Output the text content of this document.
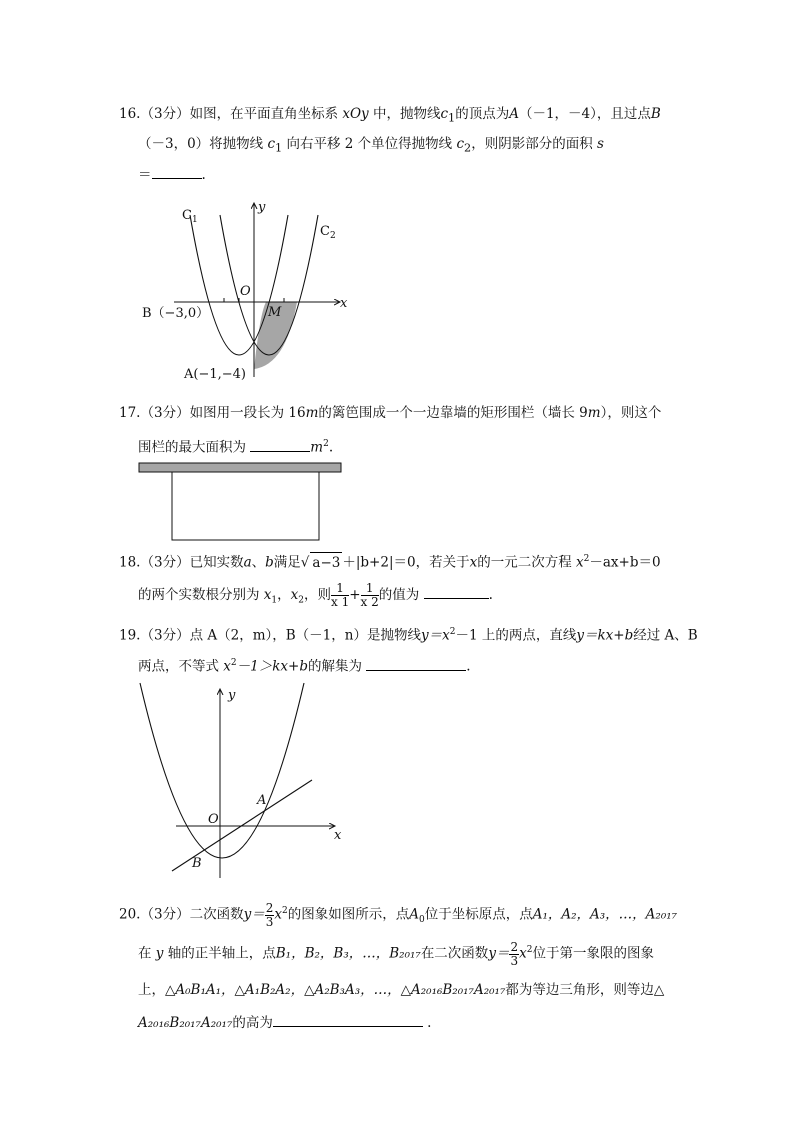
16.（3分）如图，在平面直角坐标系 xOy 中，抛物线$c_1$的顶点为A（－1，－4），且过点B
（－3，0）将抛物线 $c_1$ 向右平移 2 个单位得抛物线 $c_2$，则阴影部分的面积 s
＝	.
$C_1$
$C_2$
y
x
O
M
B（−3,0）
A(−1,−4)
17.（3分）如图用一段长为 16m的篱笆围成一个一边靠墙的矩形围栏（墙长 9m），则这个
围栏的最大面积为	$m^2$.
18.（3分）已知实数a、b满足√ a−3 ＋|b+2|＝0，若关于x的一元二次方程 $x^2-ax+b=0$
的两个实数根分别为 $x_1$，$x_2$，则 $\frac{1}{x 1} + \frac{1}{x 2}$ 的值为	.
19.（3分）点 A（2，m），B（－1，n）是抛物线$y=x^2-1$ 上的两点，直线y＝kx+b经过 A、B
两点，不等式 $x^2-1>kx+b$的解集为	.
y
x
O
A
B
20.（3分）二次函数$y= \frac{2}{3} x^2$的图象如图所示，点$A_0$位于坐标原点，点A₁，A₂，A₃，…，A₂₀₁₇
在 y 轴的正半轴上，点B₁，B₂，B₃，…，B₂₀₁₇在二次函数$y= \frac{2}{3} x^2$位于第一象限的图象
上，△A₀B₁A₁，△A₁B₂A₂，△A₂B₃A₃，…，△A₂₀₁₆B₂₀₁₇A₂₀₁₇都为等边三角形，则等边△
A₂₀₁₆B₂₀₁₇A₂₀₁₇的高为	.
